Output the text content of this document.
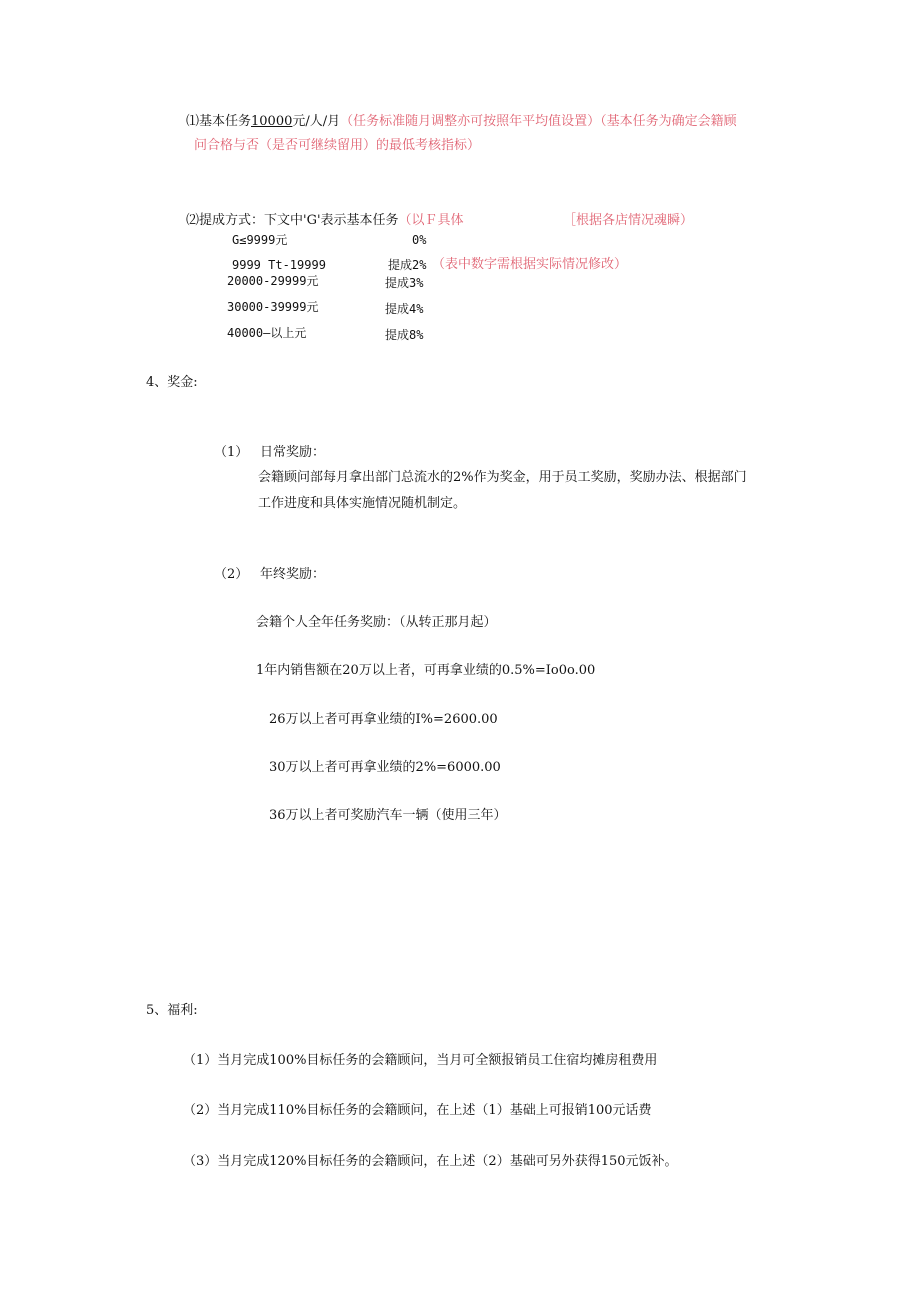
⑴基本任务10000元/人/月（任务标准随月调整亦可按照年平均值设置）（基本任务为确定会籍顾
问合格与否（是否可继续留用）的最低考核指标）
⑵提成方式：下文中'G'表示基本任务（以Ｆ具体	［根据各店情况魂瞬）
G≤9999元	0%
9999 Tt-19999	提成2% （表中数字需根据实际情况修改）
20000-29999元	提成3%
30000-39999元	提成4%
40000—以上元	提成8%
4、奖金:
（1） 日常奖励：
会籍顾问部每月拿出部门总流水的2%作为奖金，用于员工奖励，奖励办法、根据部门
工作进度和具体实施情况随机制定。
（2） 年终奖励：
会籍个人全年任务奖励：（从转正那月起）
1年内销售额在20万以上者，可再拿业绩的0.5%=Io0o.00
26万以上者可再拿业绩的I%=2600.00
30万以上者可再拿业绩的2%=6000.00
36万以上者可奖励汽车一辆（使用三年）
5、福利:
（1）当月完成100%目标任务的会籍顾问，当月可全额报销员工住宿均摊房租费用
（2）当月完成110%目标任务的会籍顾问，在上述（1）基础上可报销100元话费
（3）当月完成120%目标任务的会籍顾问，在上述（2）基础可另外获得150元饭补。
